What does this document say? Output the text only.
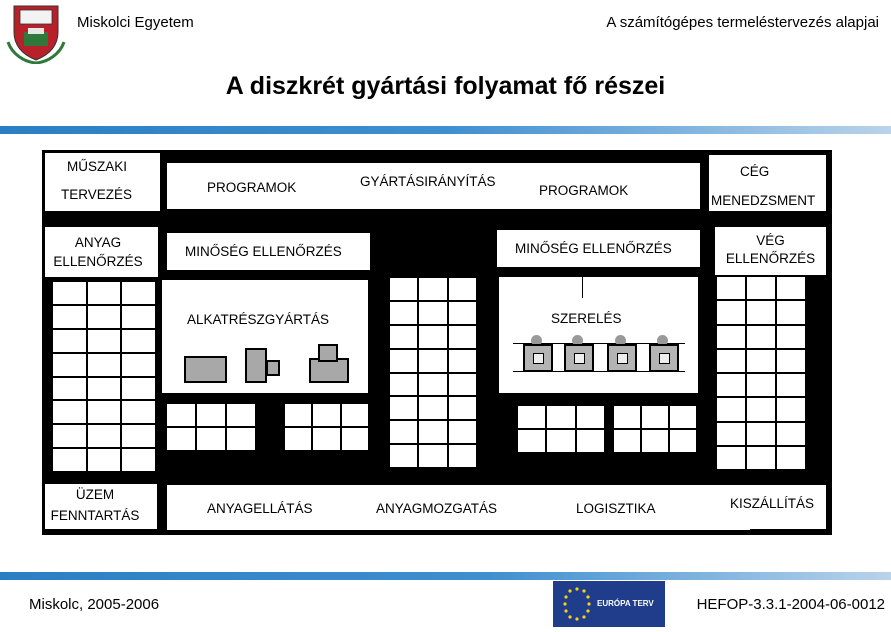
Miskolci Egyetem	A számítógépes termeléstervezés alapjai
A diszkrét gyártási folyamat fő részei
MŰSZAKI
TERVEZÉS	PROGRAMOK	GYÁRTÁSIRÁNYÍTÁS
PROGRAMOK
CÉG
MENEDZSMENT
ANYAG
ELLENŐRZÉS
MINŐSÉG ELLENŐRZÉS	MINŐSÉG ELLENŐRZÉS
VÉG
ELLENŐRZÉS
ALKATRÉSZGYÁRTÁS	SZERELÉS
ÜZEM
FENNTARTÁS	ANYAGELLÁTÁS	ANYAGMOZGATÁS	LOGISZTIKA	KISZÁLLÍTÁS
Miskolc, 2005-2006	EURÓPA TERV	HEFOP-3.3.1-2004-06-0012
